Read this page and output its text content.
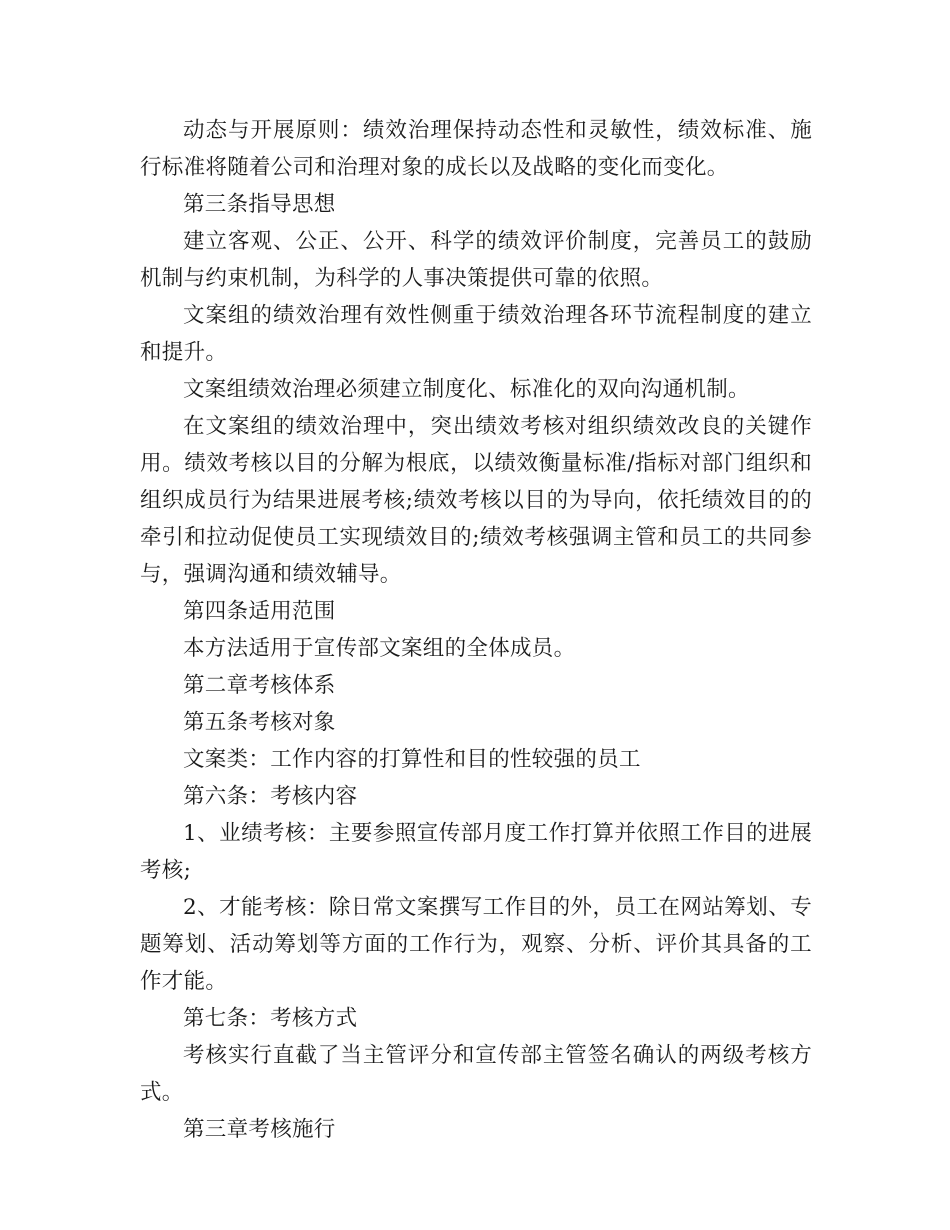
动态与开展原则：绩效治理保持动态性和灵敏性，绩效标准、施行标准将随着公司和治理对象的成长以及战略的变化而变化。

第三条指导思想

建立客观、公正、公开、科学的绩效评价制度，完善员工的鼓励机制与约束机制，为科学的人事决策提供可靠的依照。

文案组的绩效治理有效性侧重于绩效治理各环节流程制度的建立和提升。

文案组绩效治理必须建立制度化、标准化的双向沟通机制。

在文案组的绩效治理中，突出绩效考核对组织绩效改良的关键作用。绩效考核以目的分解为根底，以绩效衡量标准/指标对部门组织和组织成员行为结果进展考核;绩效考核以目的为导向，依托绩效目的的牵引和拉动促使员工实现绩效目的;绩效考核强调主管和员工的共同参与，强调沟通和绩效辅导。

第四条适用范围

本方法适用于宣传部文案组的全体成员。

第二章考核体系

第五条考核对象

文案类：工作内容的打算性和目的性较强的员工

第六条：考核内容

1、业绩考核：主要参照宣传部月度工作打算并依照工作目的进展考核;

2、才能考核：除日常文案撰写工作目的外，员工在网站筹划、专题筹划、活动筹划等方面的工作行为，观察、分析、评价其具备的工作才能。

第七条：考核方式

考核实行直截了当主管评分和宣传部主管签名确认的两级考核方式。

第三章考核施行
